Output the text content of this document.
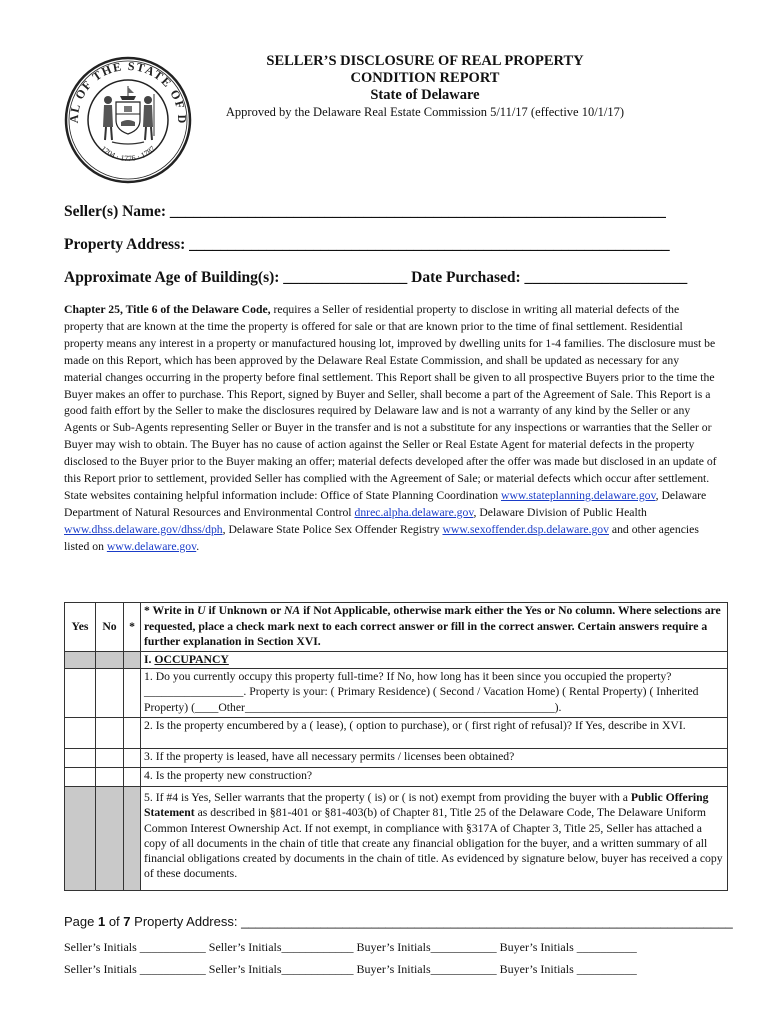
AL OF THE STATE OF D
1704 · 1776 · 1787
SELLER’S DISCLOSURE OF REAL PROPERTY
CONDITION REPORT
State of Delaware
Approved by the Delaware Real Estate Commission 5/11/17 (effective 10/1/17)
Seller(s) Name: ________________________________________________________________
Property Address: ______________________________________________________________
Approximate Age of Building(s): ________________ Date Purchased: _____________________
Chapter 25, Title 6 of the Delaware Code, requires a Seller of residential property to disclose in writing all material defects of the property that are known at the time the property is offered for sale or that are known prior to the time of final settlement. Residential property means any interest in a property or manufactured housing lot, improved by dwelling units for 1-4 families. The disclosure must be made on this Report, which has been approved by the Delaware Real Estate Commission, and shall be updated as necessary for any material changes occurring in the property before final settlement. This Report shall be given to all prospective Buyers prior to the time the Buyer makes an offer to purchase. This Report, signed by Buyer and Seller, shall become a part of the Agreement of Sale. This Report is a good faith effort by the Seller to make the disclosures required by Delaware law and is not a warranty of any kind by the Seller or any Agents or Sub-Agents representing Seller or Buyer in the transfer and is not a substitute for any inspections or warranties that the Seller or Buyer may wish to obtain. The Buyer has no cause of action against the Seller or Real Estate Agent for material defects in the property disclosed to the Buyer prior to the Buyer making an offer; material defects developed after the offer was made but disclosed in an update of this Report prior to settlement, provided Seller has complied with the Agreement of Sale; or material defects which occur after settlement. State websites containing helpful information include: Office of State Planning Coordination www.stateplanning.delaware.gov, Delaware Department of Natural Resources and Environmental Control dnrec.alpha.delaware.gov, Delaware Division of Public Health www.dhss.delaware.gov/dhss/dph, Delaware State Police Sex Offender Registry www.sexoffender.dsp.delaware.gov and other agencies listed on www.delaware.gov.
Yes	No	*	* Write in U if Unknown or NA if Not Applicable, otherwise mark either the Yes or No column. Where selections are requested, place a check mark next to each correct answer or fill in the correct answer. Certain answers require a further explanation in Section XVI.
			I. OCCUPANCY
			1. Do you currently occupy this property full-time? If No, how long has it been since you occupied the property? _________________. Property is your: ( Primary Residence) ( Second / Vacation Home) ( Rental Property) ( Inherited Property) (____Other_____________________________________________________).
			2. Is the property encumbered by a ( lease), ( option to purchase), or ( first right of refusal)? If Yes, describe in XVI.
			3. If the property is leased, have all necessary permits / licenses been obtained?
			4. Is the property new construction?
			5. If #4 is Yes, Seller warrants that the property ( is) or ( is not) exempt from providing the buyer with a Public Offering Statement as described in §81-401 or §81-403(b) of Chapter 81, Title 25 of the Delaware Code, The Delaware Uniform Common Interest Ownership Act. If not exempt, in compliance with §317A of Chapter 3, Title 25, Seller has attached a copy of all documents in the chain of title that create any financial obligation for the buyer, and a written summary of all financial obligations created by documents in the chain of title. As evidenced by signature below, buyer has received a copy of these documents.
Page 1 of 7 Property Address: ____________________________________________________________________
Seller’s Initials ___________ Seller’s Initials____________ Buyer’s Initials___________ Buyer’s Initials __________
Seller’s Initials ___________ Seller’s Initials____________ Buyer’s Initials___________ Buyer’s Initials __________
